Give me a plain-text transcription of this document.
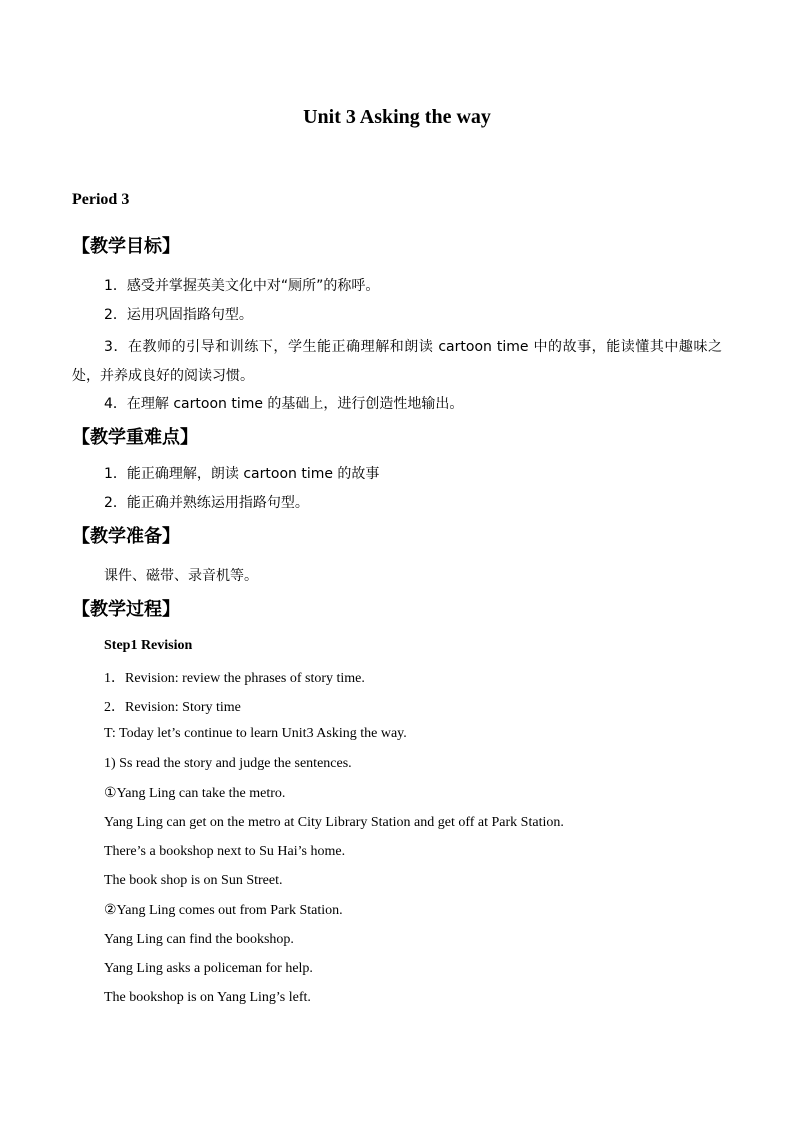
Unit 3 Asking the way
Period 3
【教学目标】
1．感受并掌握英美文化中对“厕所”的称呼。
2．运用巩固指路句型。
3．在教师的引导和训练下，学生能正确理解和朗读 cartoon time 中的故事，能读懂其中趣味之处，并养成良好的阅读习惯。
4．在理解 cartoon time 的基础上，进行创造性地输出。
【教学重难点】
1．能正确理解，朗读 cartoon time 的故事
2．能正确并熟练运用指路句型。
【教学准备】
课件、磁带、录音机等。
【教学过程】
Step1 Revision
1．Revision: review the phrases of story time.
2．Revision: Story time
T: Today let’s continue to learn Unit3 Asking the way.
1) Ss read the story and judge the sentences.
①Yang Ling can take the metro.
Yang Ling can get on the metro at City Library Station and get off at Park Station.
There’s a bookshop next to Su Hai’s home.
The book shop is on Sun Street.
②Yang Ling comes out from Park Station.
Yang Ling can find the bookshop.
Yang Ling asks a policeman for help.
The bookshop is on Yang Ling’s left.
